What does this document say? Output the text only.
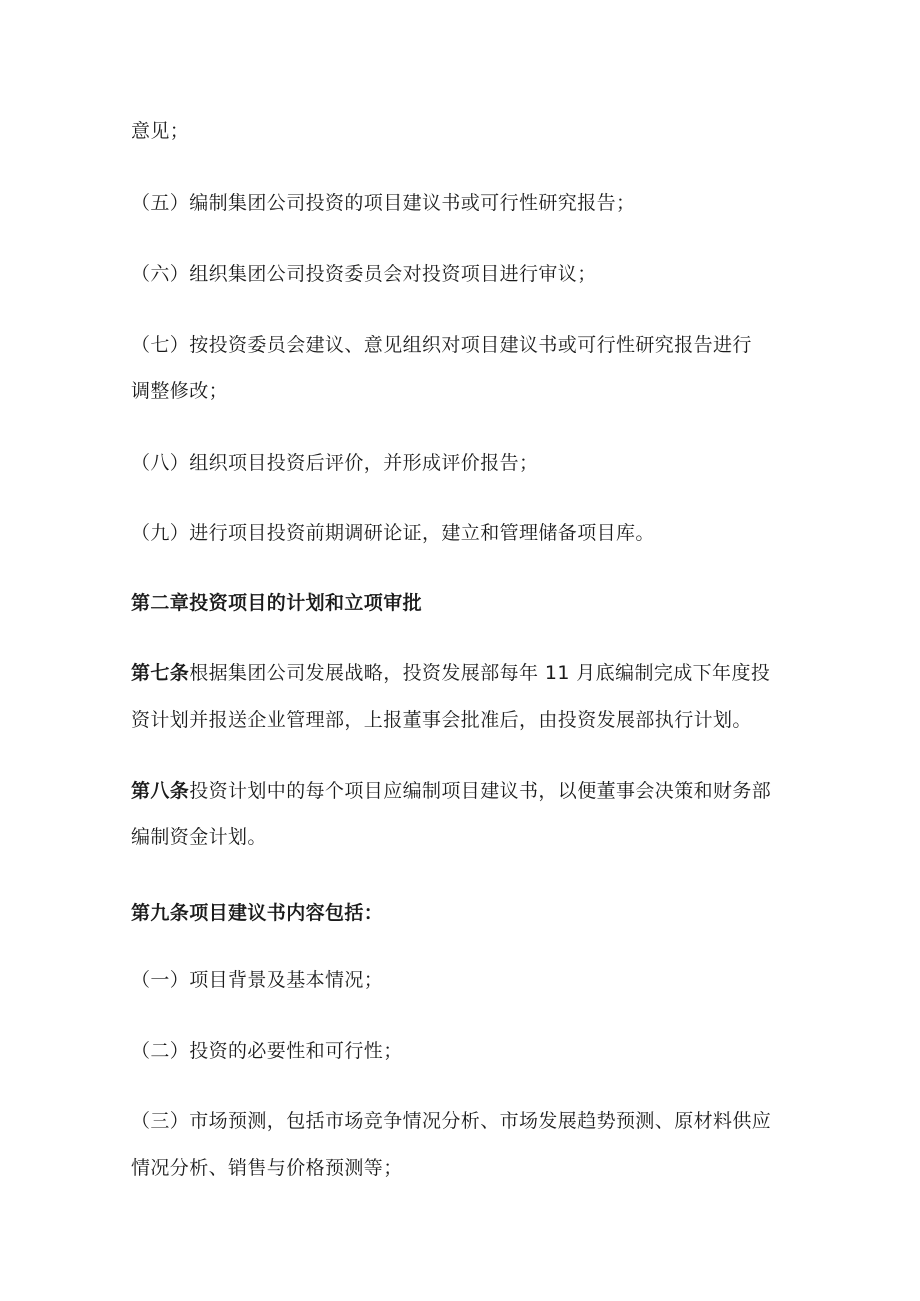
意见；

（五）编制集团公司投资的项目建议书或可行性研究报告；

（六）组织集团公司投资委员会对投资项目进行审议；

（七）按投资委员会建议、意见组织对项目建议书或可行性研究报告进行

调整修改；

（八）组织项目投资后评价，并形成评价报告；

（九）进行项目投资前期调研论证，建立和管理储备项目库。

第二章投资项目的计划和立项审批

第七条根据集团公司发展战略，投资发展部每年 11 月底编制完成下年度投

资计划并报送企业管理部，上报董事会批准后，由投资发展部执行计划。

第八条投资计划中的每个项目应编制项目建议书，以便董事会决策和财务部

编制资金计划。

第九条项目建议书内容包括：

（一）项目背景及基本情况；

（二）投资的必要性和可行性；

（三）市场预测，包括市场竞争情况分析、市场发展趋势预测、原材料供应

情况分析、销售与价格预测等；
